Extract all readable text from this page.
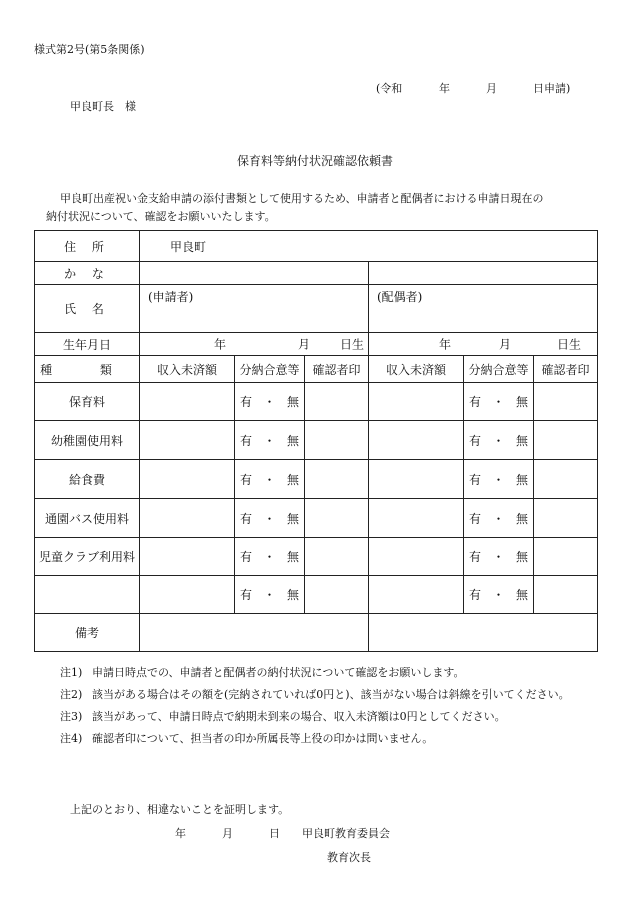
様式第2号(第5条関係)
(令和	年	月	日申請)
甲良町長　様
保育料等納付状況確認依頼書
甲良町出産祝い金支給申請の添付書類として使用するため、申請者と配偶者における申請日現在の
納付状況について、確認をお願いいたします。
住 所	甲良町					
か な						
氏 名	(申請者)			(配偶者)		
生年月日	年 月 日生			年 月 日生		

種 類	収入未済額	分納合意等	確認者印	収入未済額	分納合意等	確認者印
保育料		有 ・ 無			有 ・ 無	
幼稚園使用料		有 ・ 無			有 ・ 無	
給食費		有 ・ 無			有 ・ 無	
通園バス使用料		有 ・ 無			有 ・ 無	
児童クラブ利用料		有 ・ 無			有 ・ 無	
		有 ・ 無			有 ・ 無	
備考						
注1) 申請日時点での、申請者と配偶者の納付状況について確認をお願いします。
注2) 該当がある場合はその額を(完納されていれば0円と)、該当がない場合は斜線を引いてください。
注3) 該当があって、申請日時点で納期未到来の場合、収入未済額は0円としてください。
注4) 確認者印について、担当者の印か所属長等上役の印かは問いません。
上記のとおり、相違ないことを証明します。
年	月	日 甲良町教育委員会
教育次長
